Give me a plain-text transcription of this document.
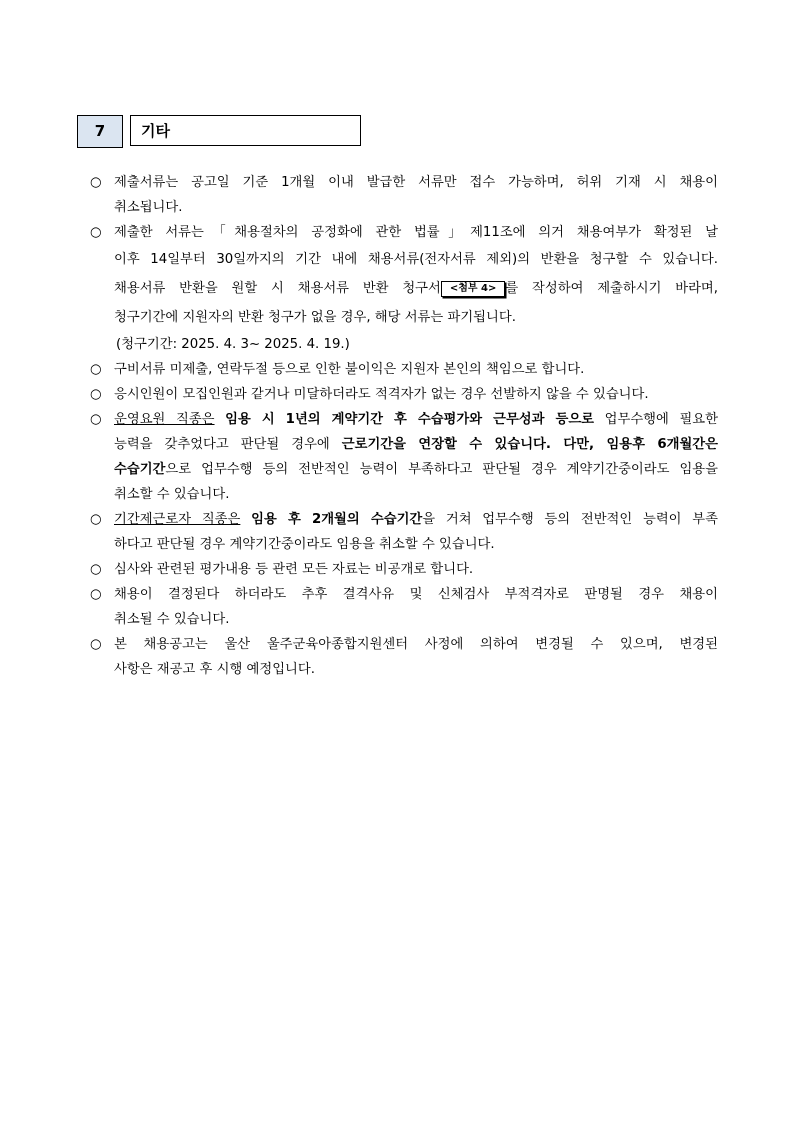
7	기타
○ 제출서류는 공고일 기준 1개월 이내 발급한 서류만 접수 가능하며, 허위 기재 시 채용이
취소됩니다.
○ 제출한 서류는「채용절차의 공정화에 관한 법률」제11조에 의거 채용여부가 확정된 날
이후 14일부터 30일까지의 기간 내에 채용서류(전자서류 제외)의 반환을 청구할 수 있습니다.
채용서류 반환을 원할 시 채용서류 반환 청구서 <첨부 4> 를 작성하여 제출하시기 바라며,
청구기간에 지원자의 반환 청구가 없을 경우, 해당 서류는 파기됩니다.
(청구기간: 2025. 4. 3~ 2025. 4. 19.)
○ 구비서류 미제출, 연락두절 등으로 인한 불이익은 지원자 본인의 책임으로 합니다.
○ 응시인원이 모집인원과 같거나 미달하더라도 적격자가 없는 경우 선발하지 않을 수 있습니다.
○ 운영요원 직종은 임용 시 1년의 계약기간 후 수습평가와 근무성과 등으로 업무수행에 필요한
능력을 갖추었다고 판단될 경우에 근로기간을 연장할 수 있습니다. 다만, 임용후 6개월간은
수습기간으로 업무수행 등의 전반적인 능력이 부족하다고 판단될 경우 계약기간중이라도 임용을
취소할 수 있습니다.
○ 기간제근로자 직종은 임용 후 2개월의 수습기간을 거쳐 업무수행 등의 전반적인 능력이 부족
하다고 판단될 경우 계약기간중이라도 임용을 취소할 수 있습니다.
○ 심사와 관련된 평가내용 등 관련 모든 자료는 비공개로 합니다.
○ 채용이 결정된다 하더라도 추후 결격사유 및 신체검사 부적격자로 판명될 경우 채용이
취소될 수 있습니다.
○ 본 채용공고는 울산 울주군육아종합지원센터 사정에 의하여 변경될 수 있으며, 변경된
사항은 재공고 후 시행 예정입니다.
